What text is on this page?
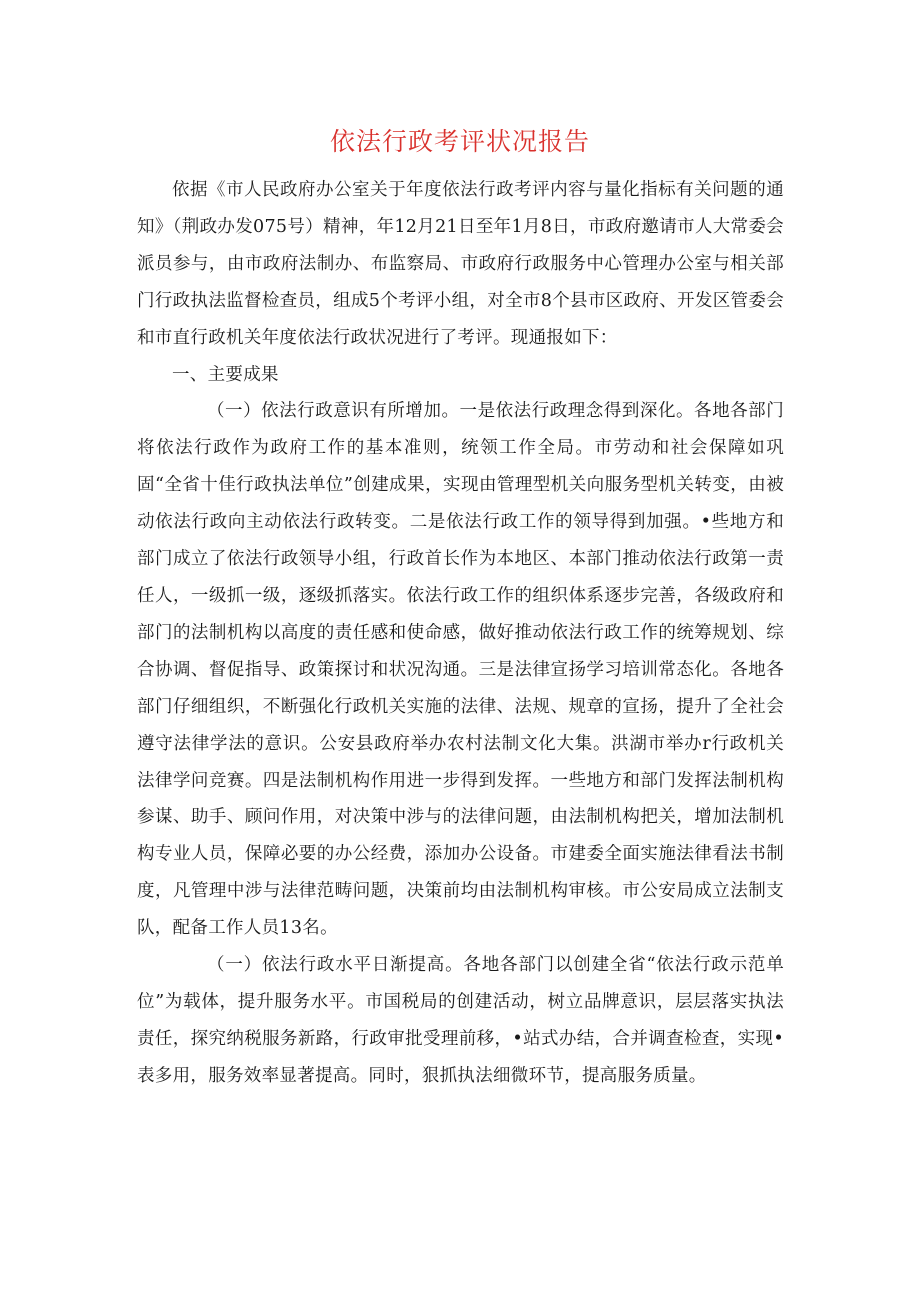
依法行政考评状况报告

依据《市人民政府办公室关于年度依法行政考评内容与量化指标有关问题的通知》（荆政办发075号）精神，年12月21日至年1月8日，市政府邀请市人大常委会派员参与，由市政府法制办、布监察局、市政府行政服务中心管理办公室与相关部门行政执法监督检查员，组成5个考评小组，对全市8个县市区政府、开发区管委会和市直行政机关年度依法行政状况进行了考评。现通报如下：

一、主要成果

（一）依法行政意识有所增加。一是依法行政理念得到深化。各地各部门将依法行政作为政府工作的基本准则，统领工作全局。市劳动和社会保障如巩固“全省十佳行政执法单位”创建成果，实现由管理型机关向服务型机关转变，由被动依法行政向主动依法行政转变。二是依法行政工作的领导得到加强。•些地方和部门成立了依法行政领导小组，行政首长作为本地区、本部门推动依法行政第一责任人，一级抓一级，逐级抓落实。依法行政工作的组织体系逐步完善，各级政府和部门的法制机构以高度的责任感和使命感，做好推动依法行政工作的统筹规划、综合协调、督促指导、政策探讨和状况沟通。三是法律宣扬学习培训常态化。各地各部门仔细组织，不断强化行政机关实施的法律、法规、规章的宣扬，提升了全社会遵守法律学法的意识。公安县政府举办农村法制文化大集。洪湖市举办r行政机关法律学问竞赛。四是法制机构作用进一步得到发挥。一些地方和部门发挥法制机构参谋、助手、顾问作用，对决策中涉与的法律问题，由法制机构把关，增加法制机构专业人员，保障必要的办公经费，添加办公设备。市建委全面实施法律看法书制度，凡管理中涉与法律范畴问题，决策前均由法制机构审核。市公安局成立法制支队，配备工作人员13名。

（一）依法行政水平日渐提高。各地各部门以创建全省“依法行政示范单位”为载体，提升服务水平。市国税局的创建活动，树立品牌意识，层层落实执法责任，探究纳税服务新路，行政审批受理前移，•站式办结，合并调查检查，实现•表多用，服务效率显著提高。同时，狠抓执法细微环节，提高服务质量。
